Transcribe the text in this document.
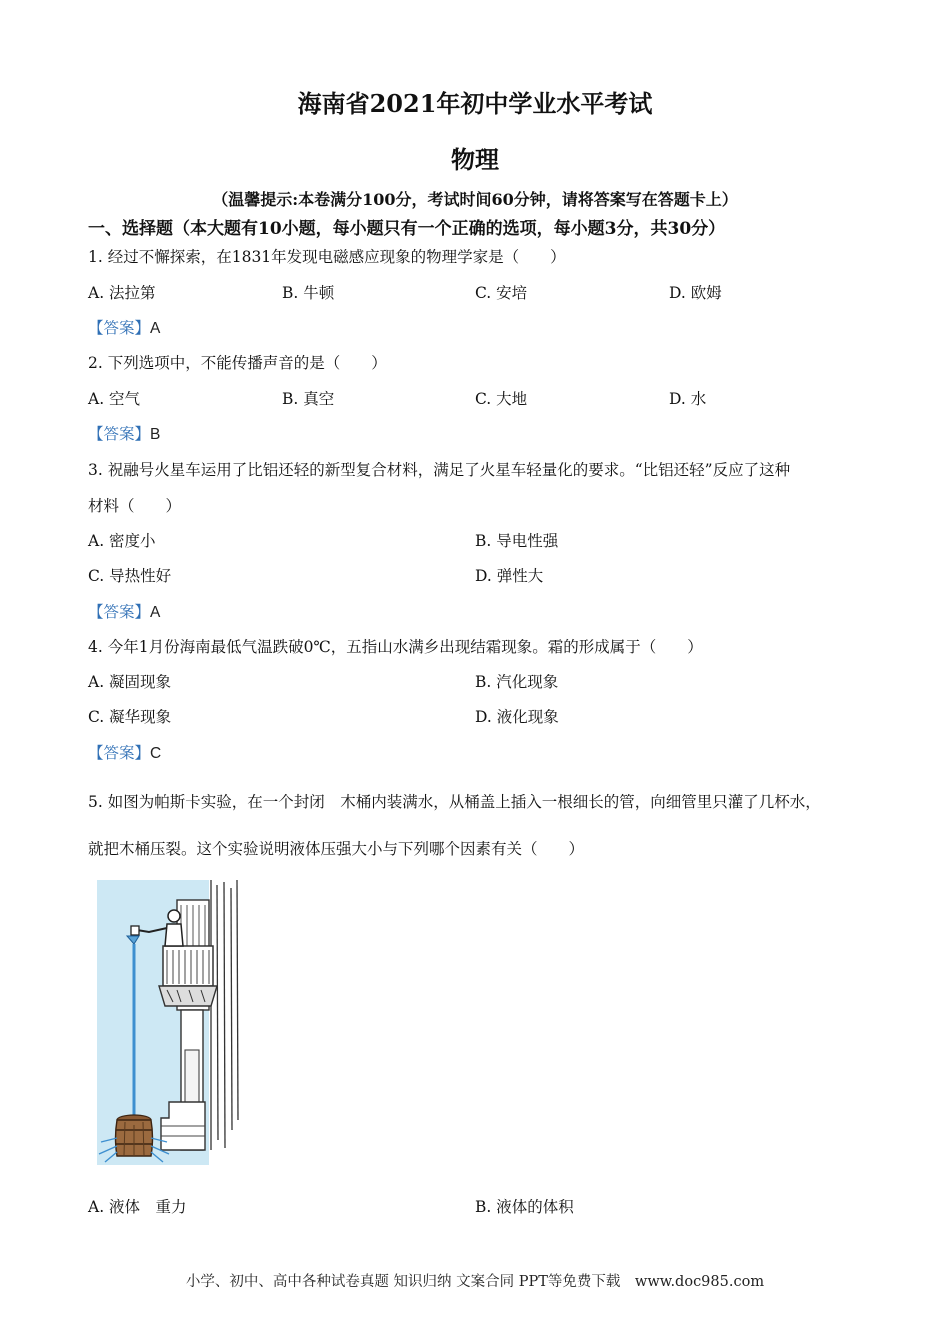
海南省2021年初中学业水平考试
物理
（温馨提示:本卷满分100分，考试时间60分钟，请将答案写在答题卡上）
一、选择题（本大题有10小题，每小题只有一个正确的选项，每小题3分，共30分）
1. 经过不懈探索，在1831年发现电磁感应现象的物理学家是（　　）
A. 法拉第	B. 牛顿	C. 安培	D. 欧姆
【答案】A
2. 下列选项中，不能传播声音的是（　　）
A. 空气	B. 真空	C. 大地	D. 水
【答案】B
3. 祝融号火星车运用了比铝还轻的新型复合材料，满足了火星车轻量化的要求。“比铝还轻”反应了这种
材料（　　）
A. 密度小	B. 导电性强
C. 导热性好	D. 弹性大
【答案】A
4. 今年1月份海南最低气温跌破0℃，五指山水满乡出现结霜现象。霜的形成属于（　　）
A. 凝固现象	B. 汽化现象
C. 凝华现象	D. 液化现象
【答案】C
5. 如图为帕斯卡实验，在一个封闭　木桶内装满水，从桶盖上插入一根细长的管，向细管里只灌了几杯水，
就把木桶压裂。这个实验说明液体压强大小与下列哪个因素有关（　　）
A. 液体　重力	B. 液体的体积
小学、初中、高中各种试卷真题 知识归纳 文案合同 PPT等免费下载　www.doc985.com
